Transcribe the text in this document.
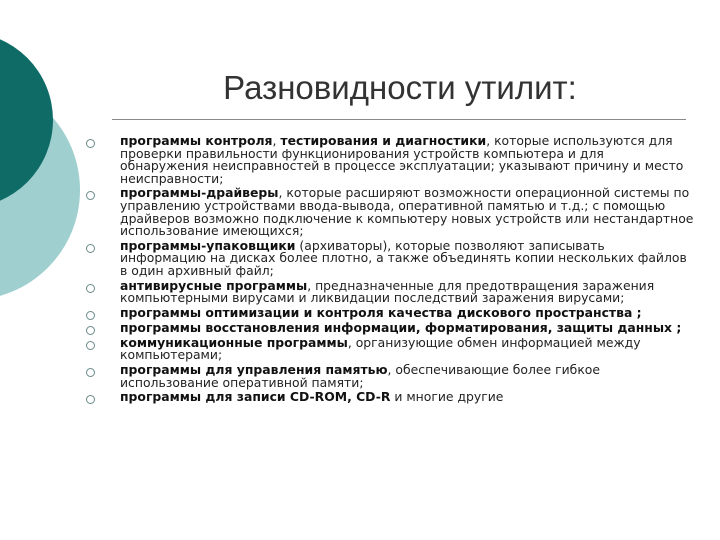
Разновидности утилит:
программы контроля, тестирования и диагностики, которые используются для проверки правильности функционирования устройств компьютера и для обнаружения неисправностей в процессе эксплуатации; указывают причину и место неисправности;
программы-драйверы, которые расширяют возможности операционной системы по управлению устройствами ввода-вывода, оперативной памятью и т.д.; с помощью драйверов возможно подключение к компьютеру новых устройств или нестандартное использование имеющихся;
программы-упаковщики (архиваторы), которые позволяют записывать информацию на дисках более плотно, а также объединять копии нескольких файлов в один архивный файл;
антивирусные программы, предназначенные для предотвращения заражения компьютерными вирусами и ликвидации последствий заражения вирусами;
программы оптимизации и контроля качества дискового пространства ;
программы восстановления информации, форматирования, защиты данных ;
коммуникационные программы, организующие обмен информацией между компьютерами;
программы для управления памятью, обеспечивающие более гибкое использование оперативной памяти;
программы для записи CD-ROM, CD-R и многие другие
